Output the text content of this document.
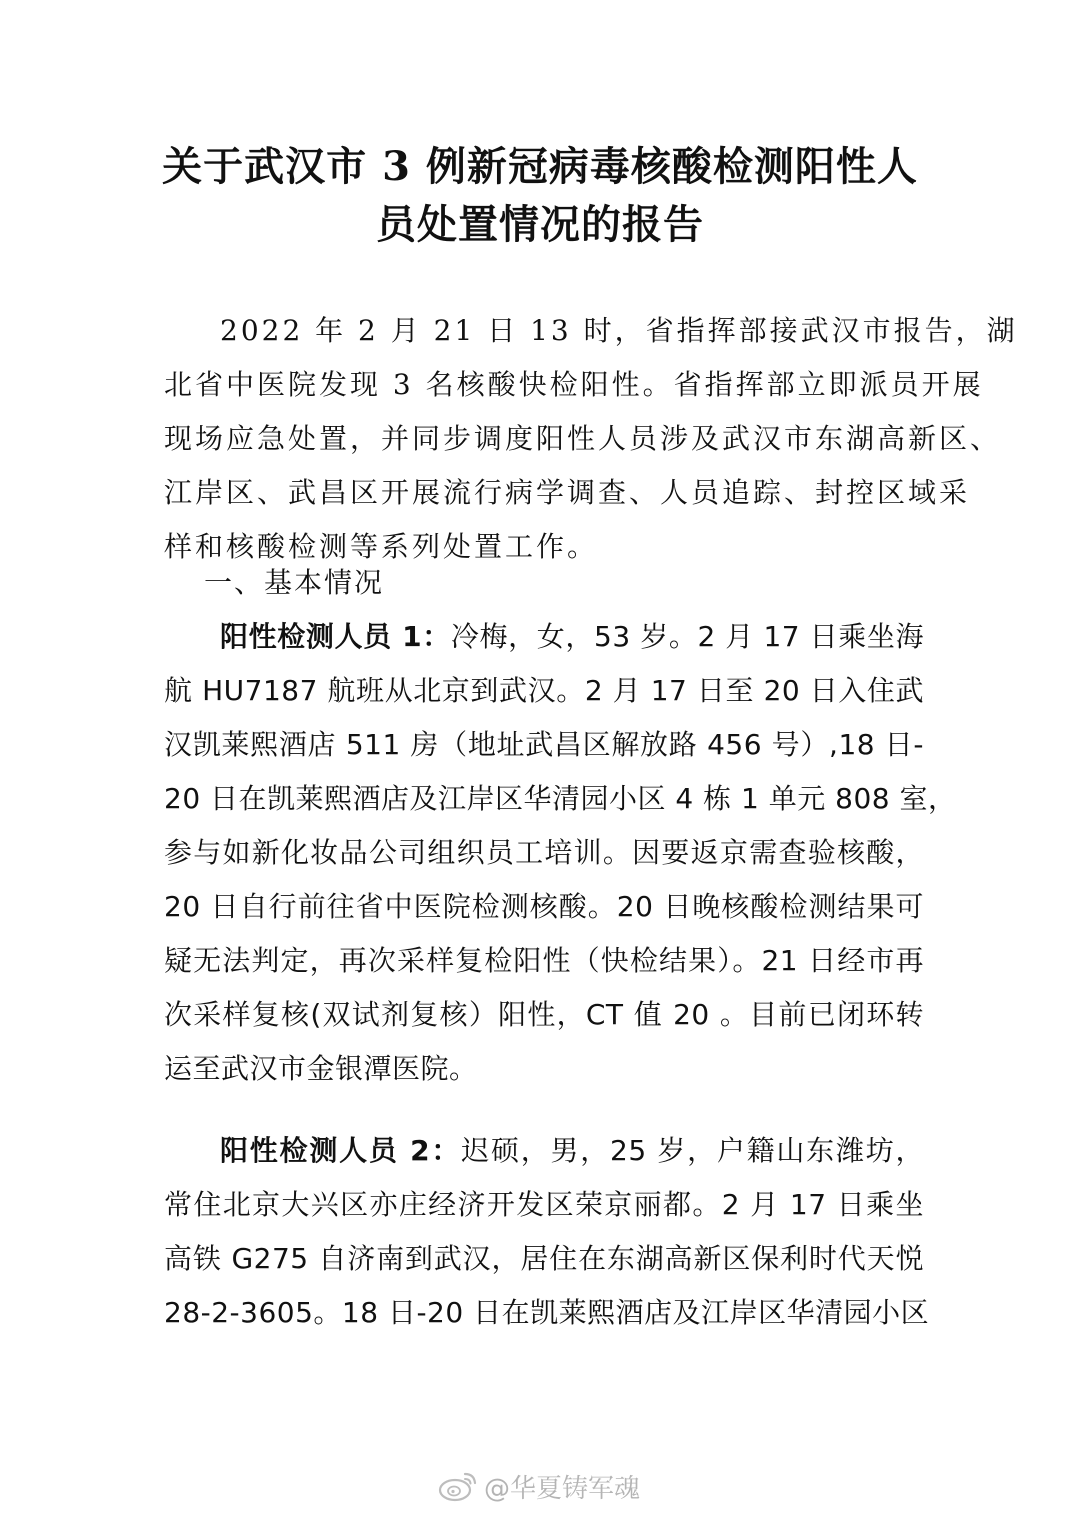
关于武汉市 3 例新冠病毒核酸检测阳性人
员处置情况的报告

2022 年 2 月 21 日 13 时，省指挥部接武汉市报告，湖
北省中医院发现 3 名核酸快检阳性。省指挥部立即派员开展
现场应急处置，并同步调度阳性人员涉及武汉市东湖高新区、
江岸区、武昌区开展流行病学调查、人员追踪、封控区域采
样和核酸检测等系列处置工作。

一、基本情况

阳性检测人员 1：冷梅，女，53 岁。2 月 17 日乘坐海
航 HU7187 航班从北京到武汉。2 月 17 日至 20 日入住武
汉凯莱熙酒店 511 房（地址武昌区解放路 456 号）,18 日-
20 日在凯莱熙酒店及江岸区华清园小区 4 栋 1 单元 808 室，
参与如新化妆品公司组织员工培训。因要返京需查验核酸，
20 日自行前往省中医院检测核酸。20 日晚核酸检测结果可
疑无法判定，再次采样复检阳性（快检结果）。21 日经市再
次采样复核(双试剂复核）阳性，CT 值 20 。目前已闭环转
运至武汉市金银潭医院。

阳性检测人员 2：迟硕，男，25 岁，户籍山东潍坊，
常住北京大兴区亦庄经济开发区荣京丽都。2 月 17 日乘坐
高铁 G275 自济南到武汉，居住在东湖高新区保利时代天悦
28-2-3605。18 日-20 日在凯莱熙酒店及江岸区华清园小区

@华夏铸军魂
